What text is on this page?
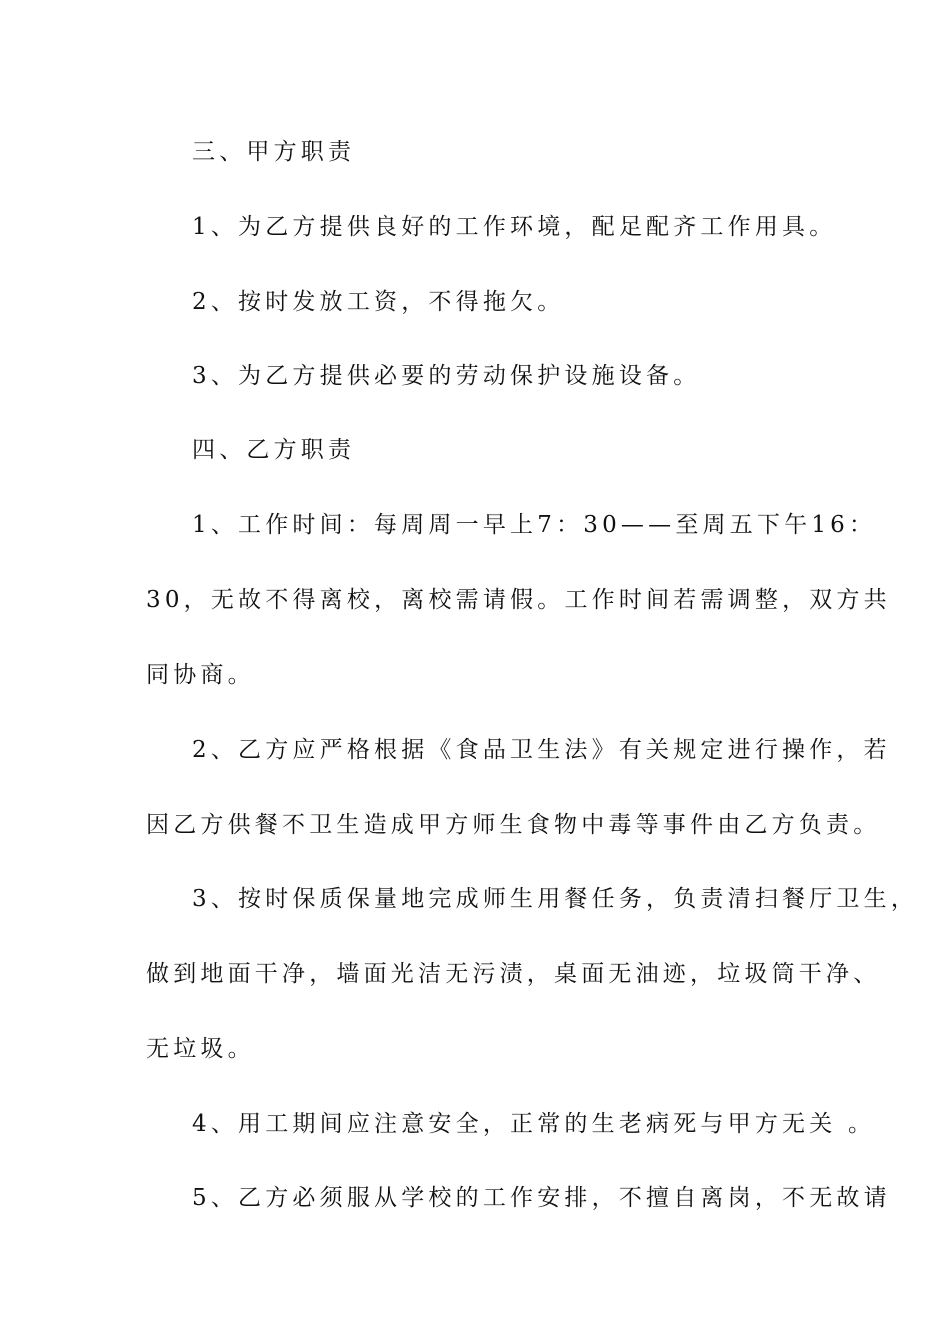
三、甲方职责
1、为乙方提供良好的工作环境，配足配齐工作用具。
2、按时发放工资，不得拖欠。
3、为乙方提供必要的劳动保护设施设备。
四、乙方职责
1、工作时间：每周周一早上7：30——至周五下午16：
30，无故不得离校，离校需请假。工作时间若需调整，双方共
同协商。
2、乙方应严格根据《食品卫生法》有关规定进行操作，若
因乙方供餐不卫生造成甲方师生食物中毒等事件由乙方负责。
3、按时保质保量地完成师生用餐任务，负责清扫餐厅卫生，
做到地面干净，墙面光洁无污渍，桌面无油迹，垃圾筒干净、
无垃圾。
4、用工期间应注意安全，正常的生老病死与甲方无关 。
5、乙方必须服从学校的工作安排，不擅自离岗，不无故请
